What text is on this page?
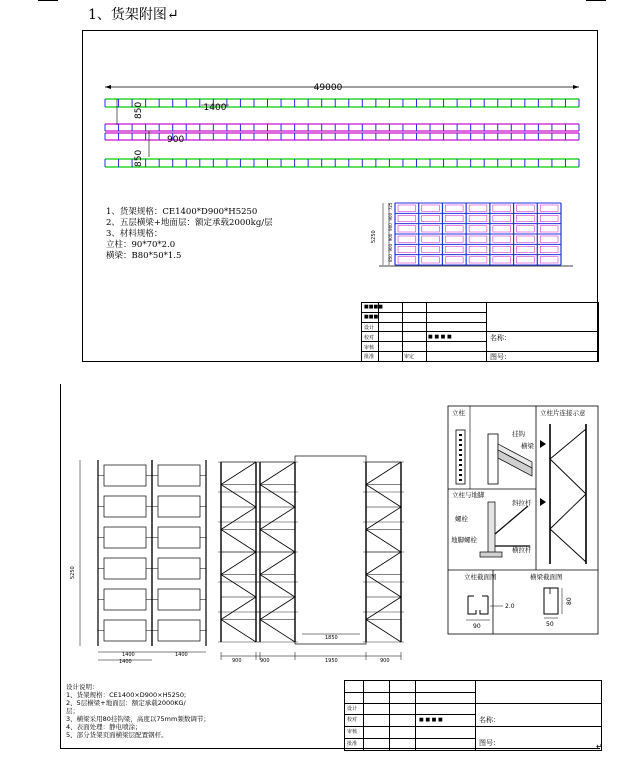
1、货架附图↵
49000
1400
850
900
850
5250
850
900
900
900
900
725
■■■■
■■■
设计
校对
审核
批准	审定
■ ■ ■ ■	名称：
图号：
1、货架规格：CE1400*D900*H5250
2、五层横梁+地面层：额定承载2000kg/层
3、材料规格：
立柱：90*70*2.0
横梁：B80*50*1.5
5250
1400	1400
1400
1850
900	900	1950	900
立柱	立柱片连接示意
立柱与地脚
立柱截面图	横梁截面图
挂钩
横梁
斜拉杆
螺栓
地脚螺栓
横拉杆
90
2.0
50
80
设计
校对
审核
批准
■ ■ ■ ■	名称：
图号：
设计说明：
1、货架规格：CE1400×D900×H5250;
2、5层横梁+地面层：额定承载2000KG/
层；
3、横梁采用80挂钩梁，高度以75mm频数调节；
4、表面处理：静电喷涂；
5、部分货架页面横梁层配置钢杆。
↵
